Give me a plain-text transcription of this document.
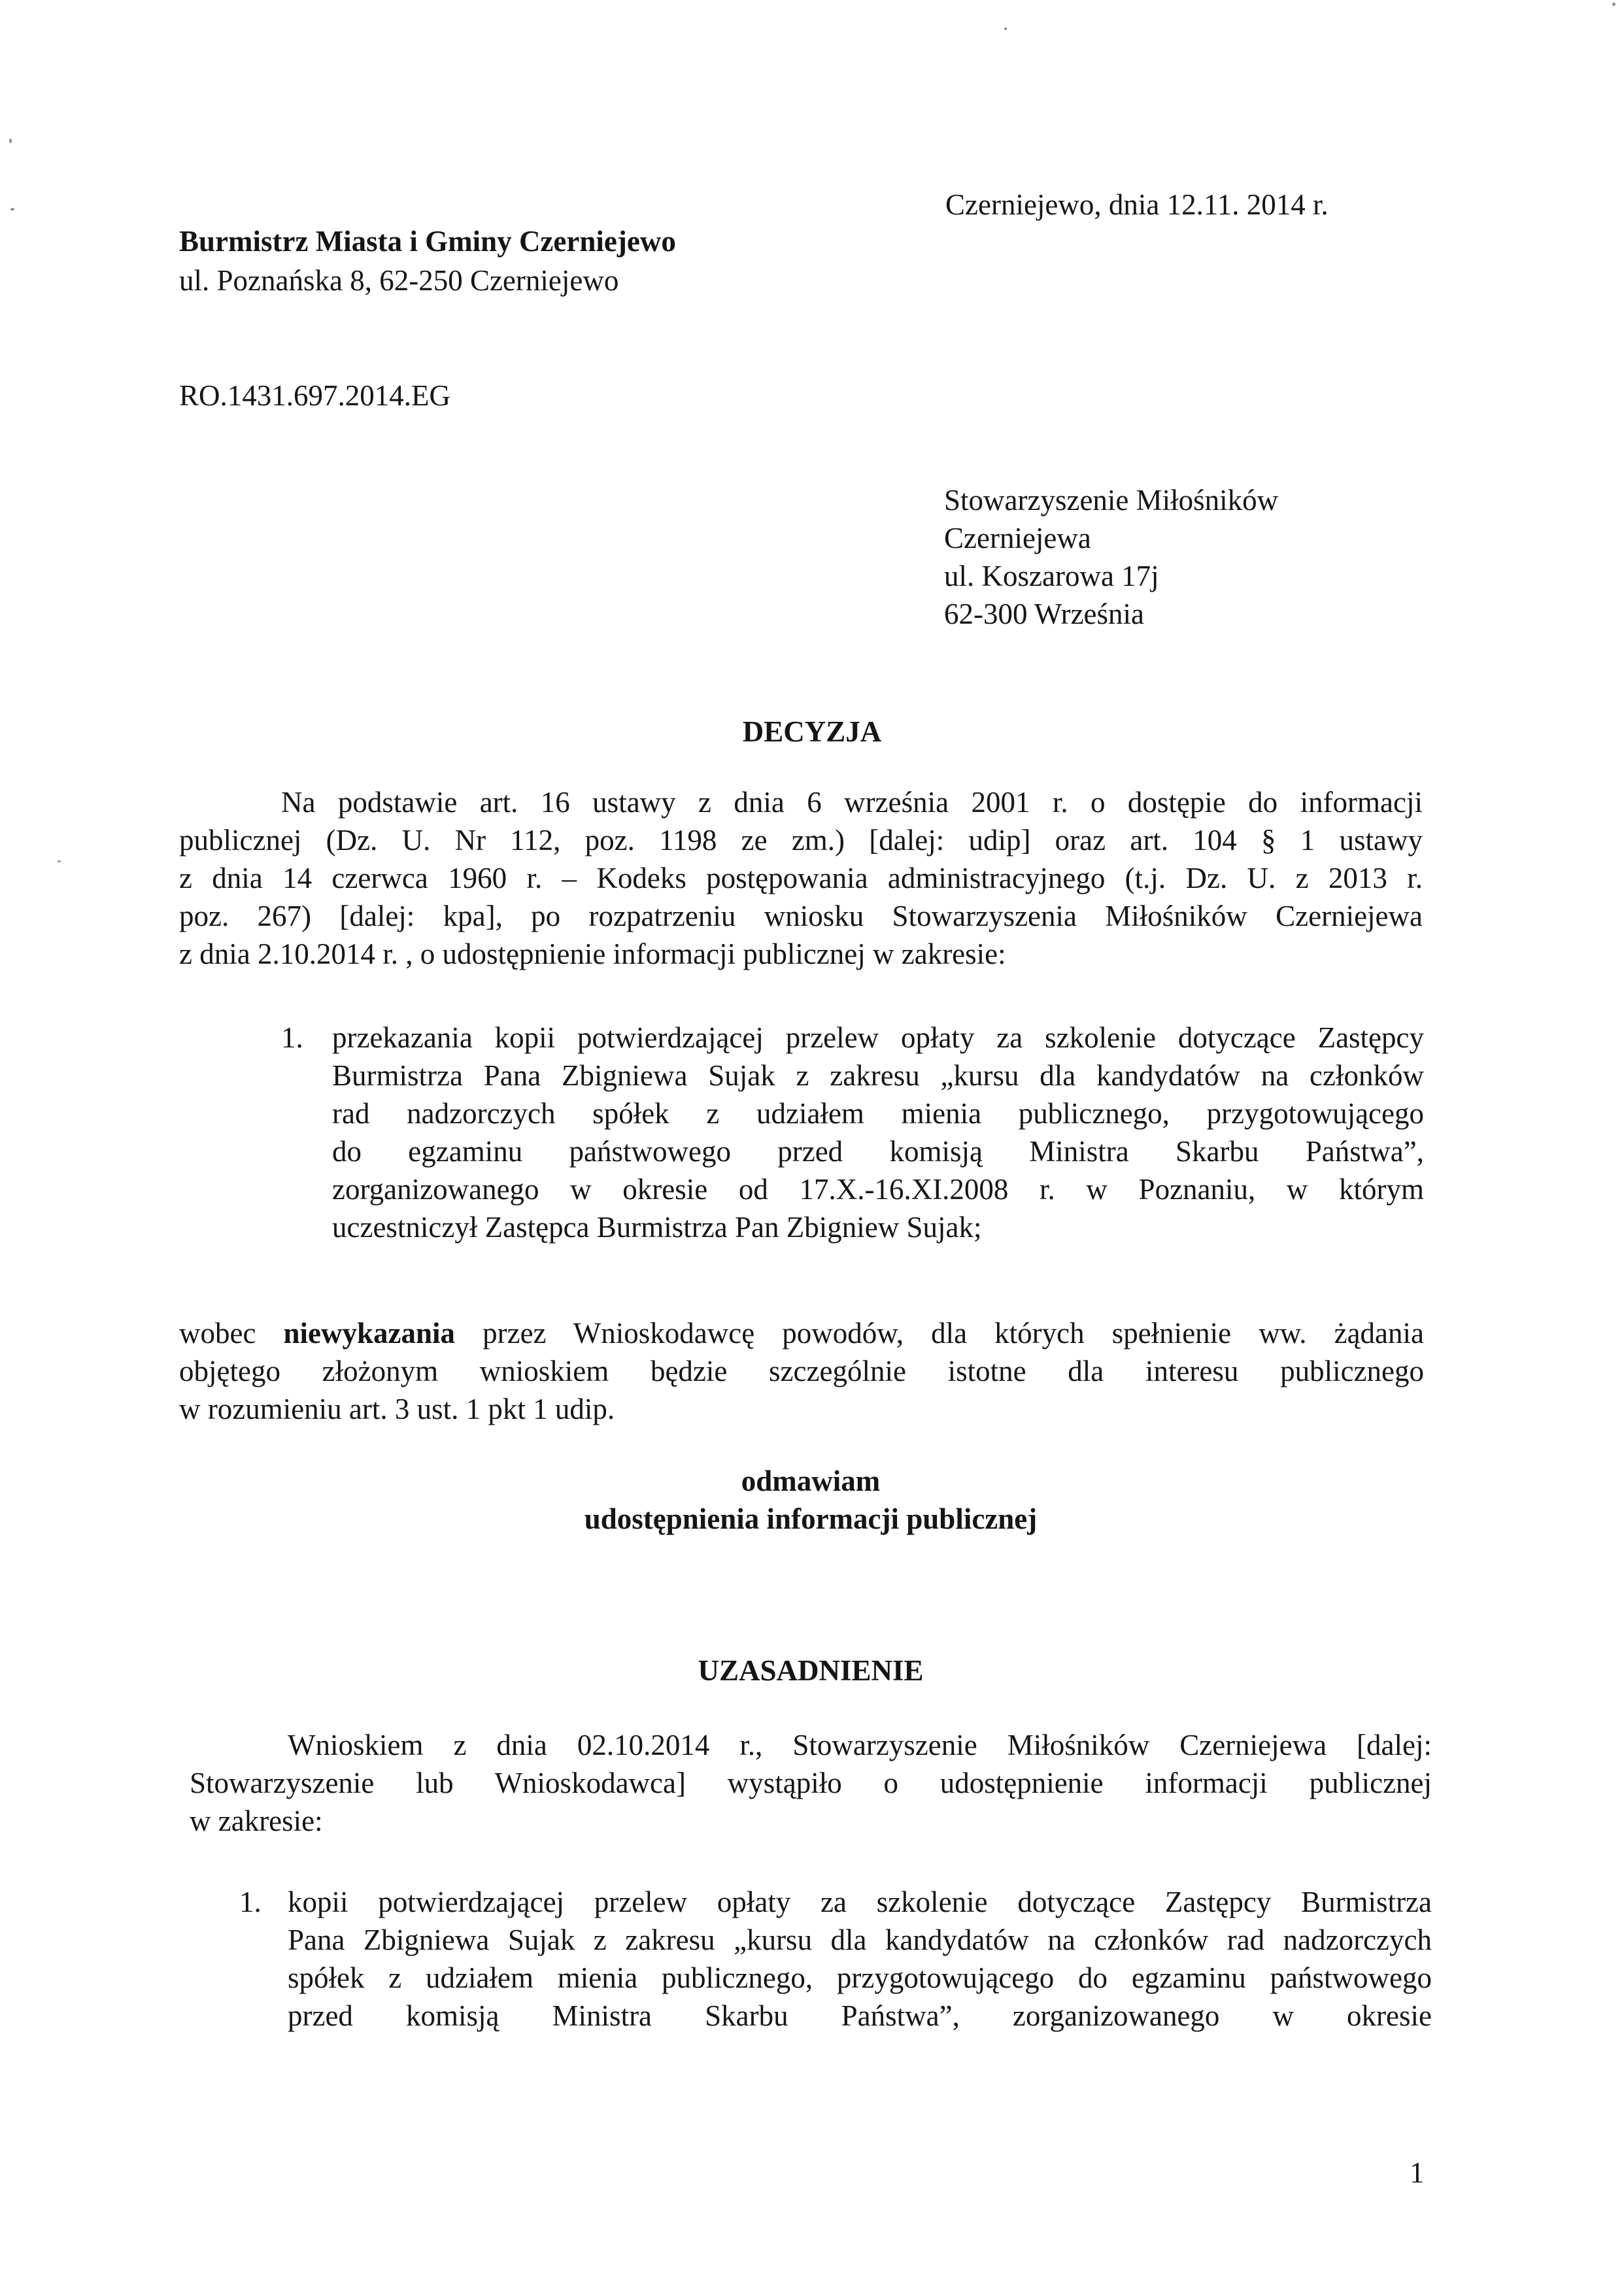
Czerniejewo, dnia 12.11. 2014 r.
Burmistrz Miasta i Gminy Czerniejewo
ul. Poznańska 8, 62-250 Czerniejewo
RO.1431.697.2014.EG
Stowarzyszenie Miłośników
Czerniejewa
ul. Koszarowa 17j
62-300 Września
DECYZJA
Na podstawie art. 16 ustawy z dnia 6 września 2001 r. o dostępie do informacji
publicznej (Dz. U. Nr 112, poz. 1198 ze zm.) [dalej: udip] oraz art. 104 § 1 ustawy
z dnia 14 czerwca 1960 r. – Kodeks postępowania administracyjnego (t.j. Dz. U. z 2013 r.
poz. 267) [dalej: kpa], po rozpatrzeniu wniosku Stowarzyszenia Miłośników Czerniejewa
z dnia 2.10.2014 r. , o udostępnienie informacji publicznej w zakresie:
1. przekazania kopii potwierdzającej przelew opłaty za szkolenie dotyczące Zastępcy
Burmistrza Pana Zbigniewa Sujak z zakresu „kursu dla kandydatów na członków
rad nadzorczych spółek z udziałem mienia publicznego, przygotowującego
do egzaminu państwowego przed komisją Ministra Skarbu Państwa”,
zorganizowanego w okresie od 17.X.-16.XI.2008 r. w Poznaniu, w którym
uczestniczył Zastępca Burmistrza Pan Zbigniew Sujak;
wobec niewykazania przez Wnioskodawcę powodów, dla których spełnienie ww. żądania
objętego złożonym wnioskiem będzie szczególnie istotne dla interesu publicznego
w rozumieniu art. 3 ust. 1 pkt 1 udip.
odmawiam
udostępnienia informacji publicznej
UZASADNIENIE
Wnioskiem z dnia 02.10.2014 r., Stowarzyszenie Miłośników Czerniejewa [dalej:
Stowarzyszenie lub Wnioskodawca] wystąpiło o udostępnienie informacji publicznej
w zakresie:
1. kopii potwierdzającej przelew opłaty za szkolenie dotyczące Zastępcy Burmistrza
Pana Zbigniewa Sujak z zakresu „kursu dla kandydatów na członków rad nadzorczych
spółek z udziałem mienia publicznego, przygotowującego do egzaminu państwowego
przed komisją Ministra Skarbu Państwa”, zorganizowanego w okresie
1
